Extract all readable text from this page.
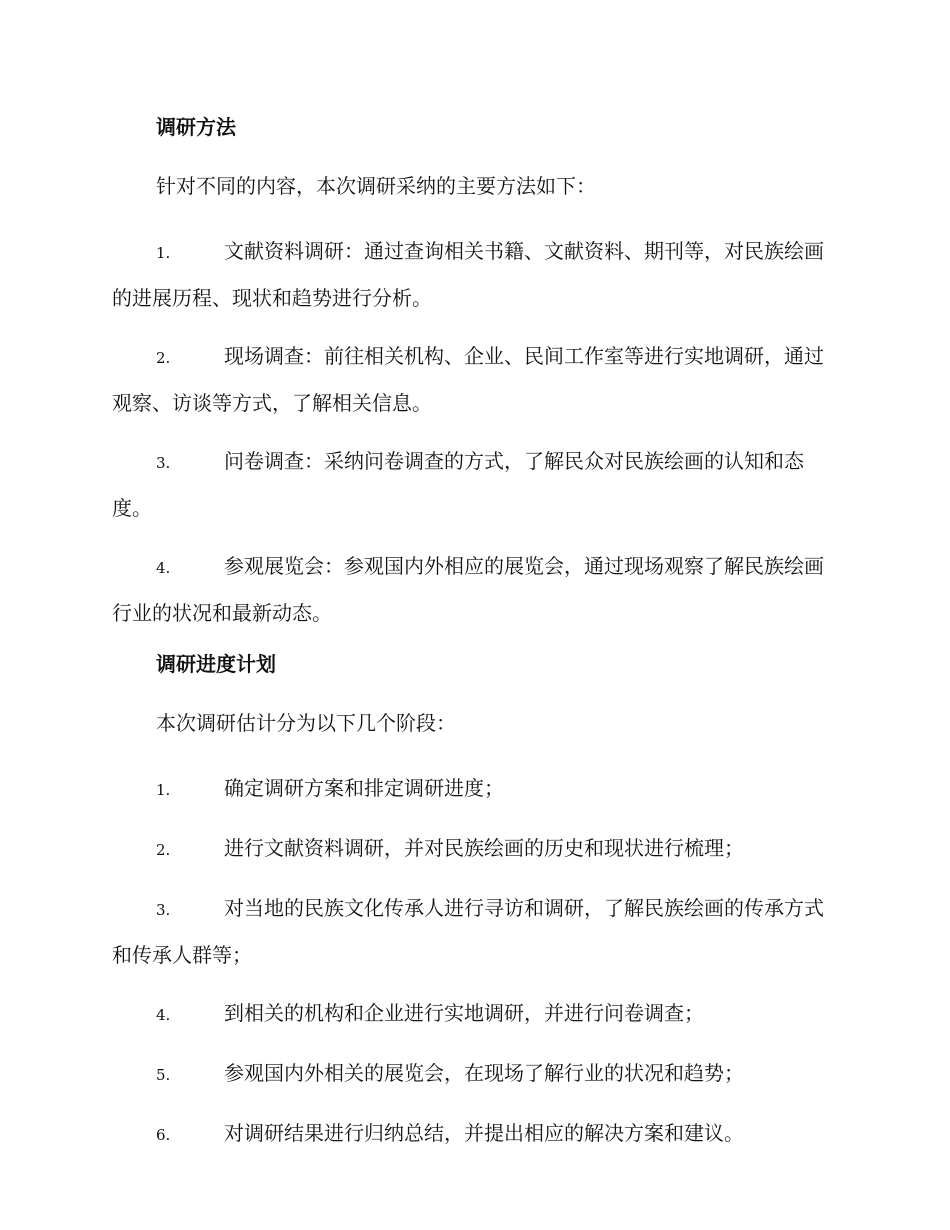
调研方法
针对不同的内容，本次调研采纳的主要方法如下：
1.	文献资料调研：通过查询相关书籍、文献资料、期刊等，对民族绘画的进展历程、现状和趋势进行分析。
2.	现场调查：前往相关机构、企业、民间工作室等进行实地调研，通过观察、访谈等方式，了解相关信息。
3.	问卷调查：采纳问卷调查的方式，了解民众对民族绘画的认知和态度。
4.	参观展览会：参观国内外相应的展览会，通过现场观察了解民族绘画行业的状况和最新动态。
调研进度计划
本次调研估计分为以下几个阶段：
1.	确定调研方案和排定调研进度；
2.	进行文献资料调研，并对民族绘画的历史和现状进行梳理；
3.	对当地的民族文化传承人进行寻访和调研，了解民族绘画的传承方式和传承人群等；
4.	到相关的机构和企业进行实地调研，并进行问卷调查；
5.	参观国内外相关的展览会，在现场了解行业的状况和趋势；
6.	对调研结果进行归纳总结，并提出相应的解决方案和建议。
